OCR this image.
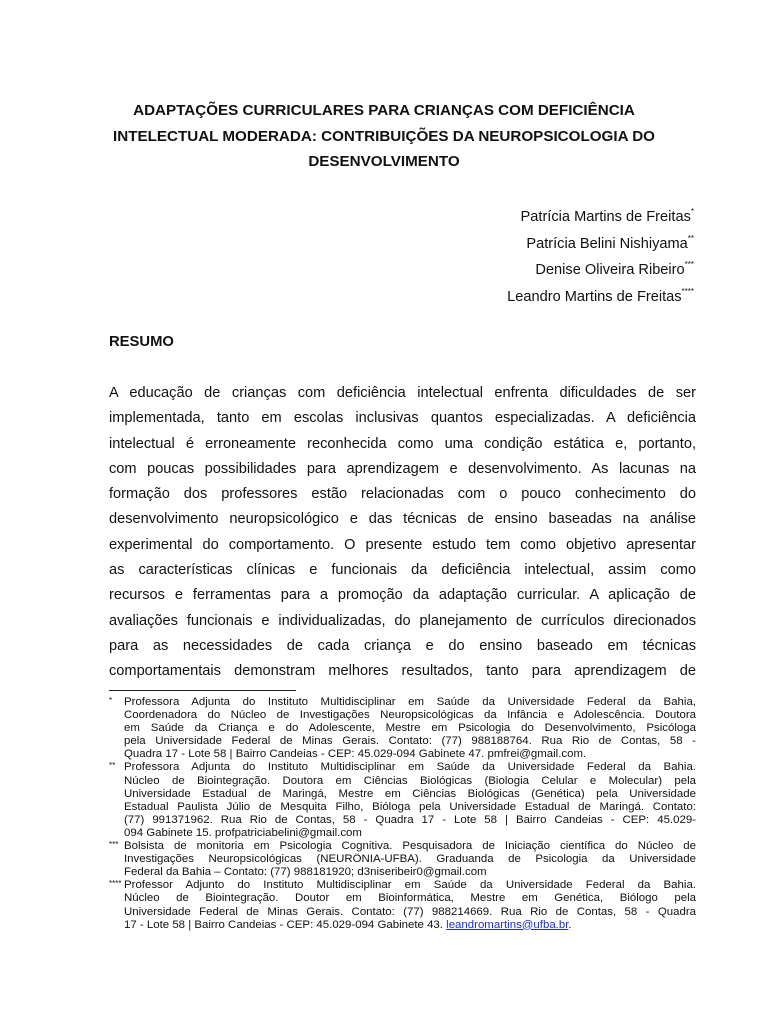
ADAPTAÇÕES CURRICULARES PARA CRIANÇAS COM DEFICIÊNCIA
INTELECTUAL MODERADA: CONTRIBUIÇÕES DA NEUROPSICOLOGIA DO
DESENVOLVIMENTO
Patrícia Martins de Freitas*
Patrícia Belini Nishiyama**
Denise Oliveira Ribeiro***
Leandro Martins de Freitas****
RESUMO
A educação de crianças com deficiência intelectual enfrenta dificuldades de ser
implementada, tanto em escolas inclusivas quantos especializadas. A deficiência
intelectual é erroneamente reconhecida como uma condição estática e, portanto,
com poucas possibilidades para aprendizagem e desenvolvimento. As lacunas na
formação dos professores estão relacionadas com o pouco conhecimento do
desenvolvimento neuropsicológico e das técnicas de ensino baseadas na análise
experimental do comportamento. O presente estudo tem como objetivo apresentar
as características clínicas e funcionais da deficiência intelectual, assim como
recursos e ferramentas para a promoção da adaptação curricular. A aplicação de
avaliações funcionais e individualizadas, do planejamento de currículos direcionados
para as necessidades de cada criança e do ensino baseado em técnicas
comportamentais demonstram melhores resultados, tanto para aprendizagem de
* Professora Adjunta do Instituto Multidisciplinar em Saúde da Universidade Federal da Bahia,
Coordenadora do Núcleo de Investigações Neuropsicológicas da Infância e Adolescência. Doutora
em Saúde da Criança e do Adolescente, Mestre em Psicologia do Desenvolvimento, Psicóloga
pela Universidade Federal de Minas Gerais. Contato: (77) 988188764. Rua Rio de Contas, 58 -
Quadra 17 - Lote 58 | Bairro Candeias - CEP: 45.029-094 Gabinete 47. pmfrei@gmail.com.
** Professora Adjunta do Instituto Multidisciplinar em Saúde da Universidade Federal da Bahia.
Núcleo de Biointegração. Doutora em Ciências Biológicas (Biologia Celular e Molecular) pela
Universidade Estadual de Maringá, Mestre em Ciências Biológicas (Genética) pela Universidade
Estadual Paulista Júlio de Mesquita Filho, Bióloga pela Universidade Estadual de Maringá. Contato:
(77) 991371962. Rua Rio de Contas, 58 - Quadra 17 - Lote 58 | Bairro Candeias - CEP: 45.029-
094 Gabinete 15. profpatriciabelini@gmail.com
*** Bolsista de monitoria em Psicologia Cognitiva. Pesquisadora de Iniciação científica do Núcleo de
Investigações Neuropsicológicas (NEURÔNIA-UFBA). Graduanda de Psicologia da Universidade
Federal da Bahia – Contato: (77) 988181920; d3niseribeir0@gmail.com
**** Professor Adjunto do Instituto Multidisciplinar em Saúde da Universidade Federal da Bahia.
Núcleo de Biointegração. Doutor em Bioinformática, Mestre em Genética, Biólogo pela
Universidade Federal de Minas Gerais. Contato: (77) 988214669. Rua Rio de Contas, 58 - Quadra
17 - Lote 58 | Bairro Candeias - CEP: 45.029-094 Gabinete 43. leandromartins@ufba.br.
